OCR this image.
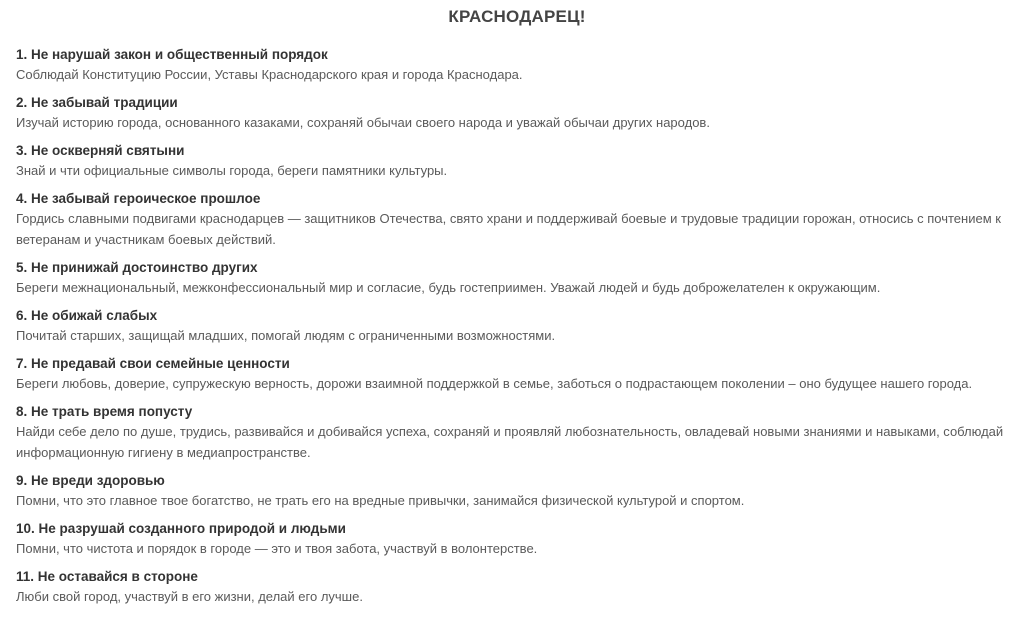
КРАСНОДАРЕЦ!

1. Не нарушай закон и общественный порядок

Соблюдай Конституцию России, Уставы Краснодарского края и города Краснодара.

2. Не забывай традиции

Изучай историю города, основанного казаками, сохраняй обычаи своего народа и уважай обычаи других народов.

3. Не оскверняй святыни

Знай и чти официальные символы города, береги памятники культуры.

4. Не забывай героическое прошлое

Гордись славными подвигами краснодарцев — защитников Отечества, свято храни и поддерживай боевые и трудовые традиции горожан, относись с почтением к ветеранам и участникам боевых действий.

5. Не принижай достоинство других

Береги межнациональный, межконфессиональный мир и согласие, будь гостеприимен. Уважай людей и будь доброжелателен к окружающим.

6. Не обижай слабых

Почитай старших, защищай младших, помогай людям с ограниченными возможностями.

7. Не предавай свои семейные ценности

Береги любовь, доверие, супружескую верность, дорожи взаимной поддержкой в семье, заботься о подрастающем поколении – оно будущее нашего города.

8. Не трать время попусту

Найди себе дело по душе, трудись, развивайся и добивайся успеха, сохраняй и проявляй любознательность, овладевай новыми знаниями и навыками, соблюдай информационную гигиену в медиапространстве.

9. Не вреди здоровью

Помни, что это главное твое богатство, не трать его на вредные привычки, занимайся физической культурой и спортом.

10. Не разрушай созданного природой и людьми

Помни, что чистота и порядок в городе — это и твоя забота, участвуй в волонтерстве.

11. Не оставайся в стороне

Люби свой город, участвуй в его жизни, делай его лучше.
